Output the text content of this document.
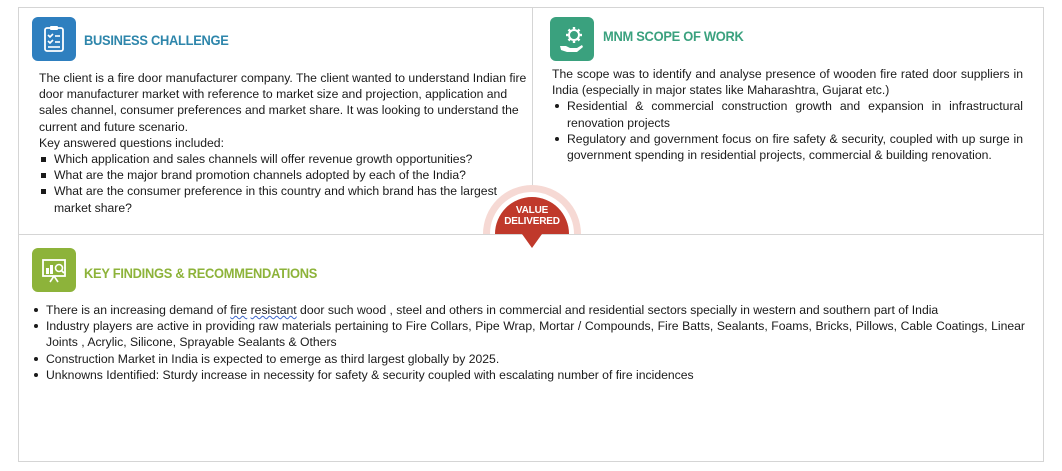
BUSINESS CHALLENGE

The client is a fire door manufacturer company. The client wanted to understand Indian fire door manufacturer market with reference to market size and projection, application and sales channel, consumer preferences and market share. It was looking to understand the current and future scenario.

Key answered questions included:

Which application and sales channels will offer revenue growth opportunities?
What are the major brand promotion channels adopted by each of the India?
What are the consumer preference in this country and which brand has the largest market share?
MNM SCOPE OF WORK

The scope was to identify and analyse presence of wooden fire rated door suppliers in India (especially in major states like Maharashtra, Gujarat etc.)

Residential & commercial construction growth and expansion in infrastructural renovation projects
Regulatory and government focus on fire safety & security, coupled with up surge in government spending in residential projects, commercial & building renovation.
VALUE
DELIVERED
KEY FINDINGS & RECOMMENDATIONS
There is an increasing demand of fire resistant door such wood , steel and others in commercial and residential sectors specially in western and southern part of India
Industry players are active in providing raw materials pertaining to Fire Collars, Pipe Wrap, Mortar / Compounds, Fire Batts, Sealants, Foams, Bricks, Pillows, Cable Coatings, Linear Joints , Acrylic, Silicone, Sprayable Sealants & Others
Construction Market in India is expected to emerge as third largest globally by 2025.
Unknowns Identified: Sturdy increase in necessity for safety & security coupled with escalating number of fire incidences
